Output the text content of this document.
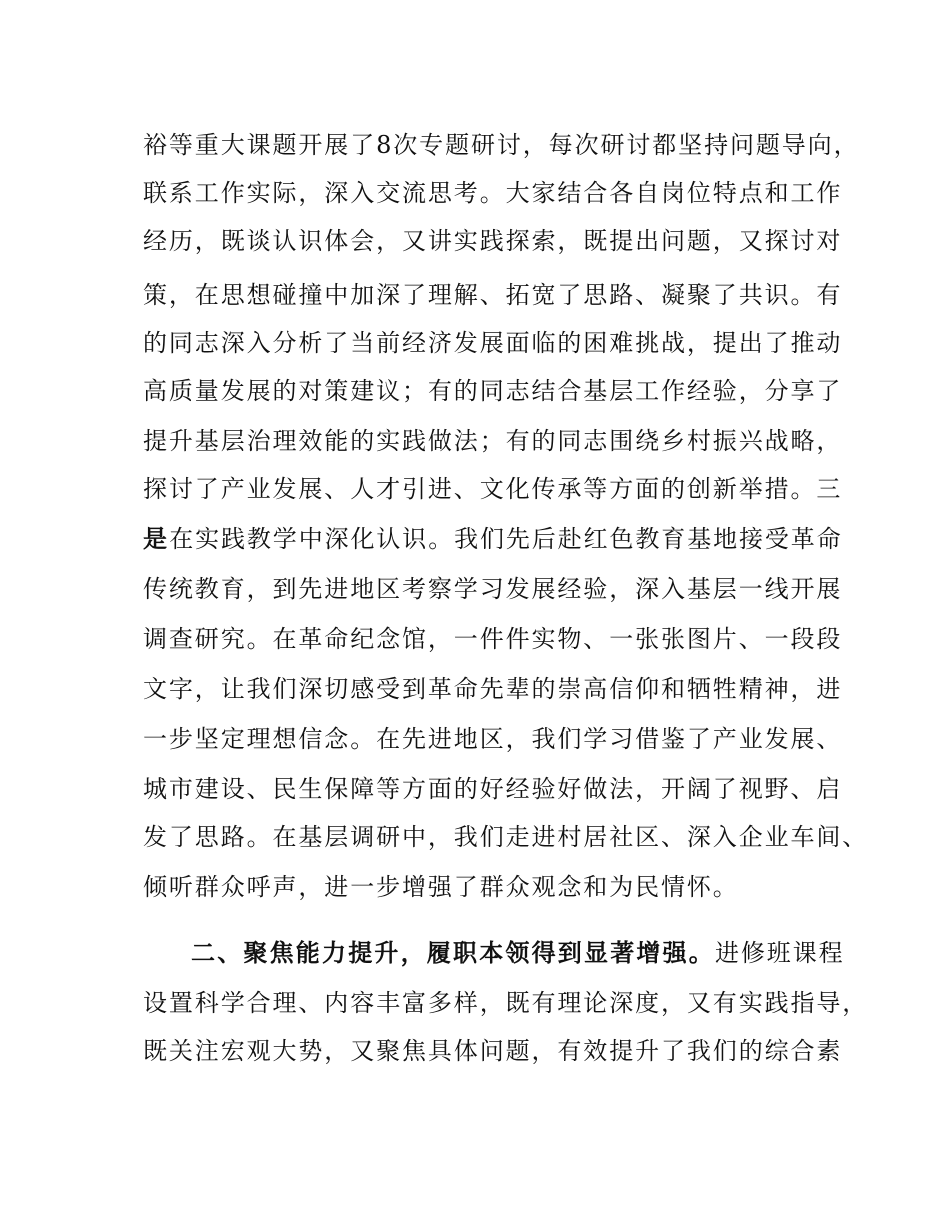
裕等重大课题开展了8次专题研讨，每次研讨都坚持问题导向，
联系工作实际，深入交流思考。大家结合各自岗位特点和工作
经历，既谈认识体会，又讲实践探索，既提出问题，又探讨对
策，在思想碰撞中加深了理解、拓宽了思路、凝聚了共识。有
的同志深入分析了当前经济发展面临的困难挑战，提出了推动
高质量发展的对策建议；有的同志结合基层工作经验，分享了
提升基层治理效能的实践做法；有的同志围绕乡村振兴战略，
探讨了产业发展、人才引进、文化传承等方面的创新举措。三
是在实践教学中深化认识。我们先后赴红色教育基地接受革命
传统教育，到先进地区考察学习发展经验，深入基层一线开展
调查研究。在革命纪念馆，一件件实物、一张张图片、一段段
文字，让我们深切感受到革命先辈的崇高信仰和牺牲精神，进
一步坚定理想信念。在先进地区，我们学习借鉴了产业发展、
城市建设、民生保障等方面的好经验好做法，开阔了视野、启
发了思路。在基层调研中，我们走进村居社区、深入企业车间、
倾听群众呼声，进一步增强了群众观念和为民情怀。
二、聚焦能力提升，履职本领得到显著增强。进修班课程
设置科学合理、内容丰富多样，既有理论深度，又有实践指导，
既关注宏观大势，又聚焦具体问题，有效提升了我们的综合素
